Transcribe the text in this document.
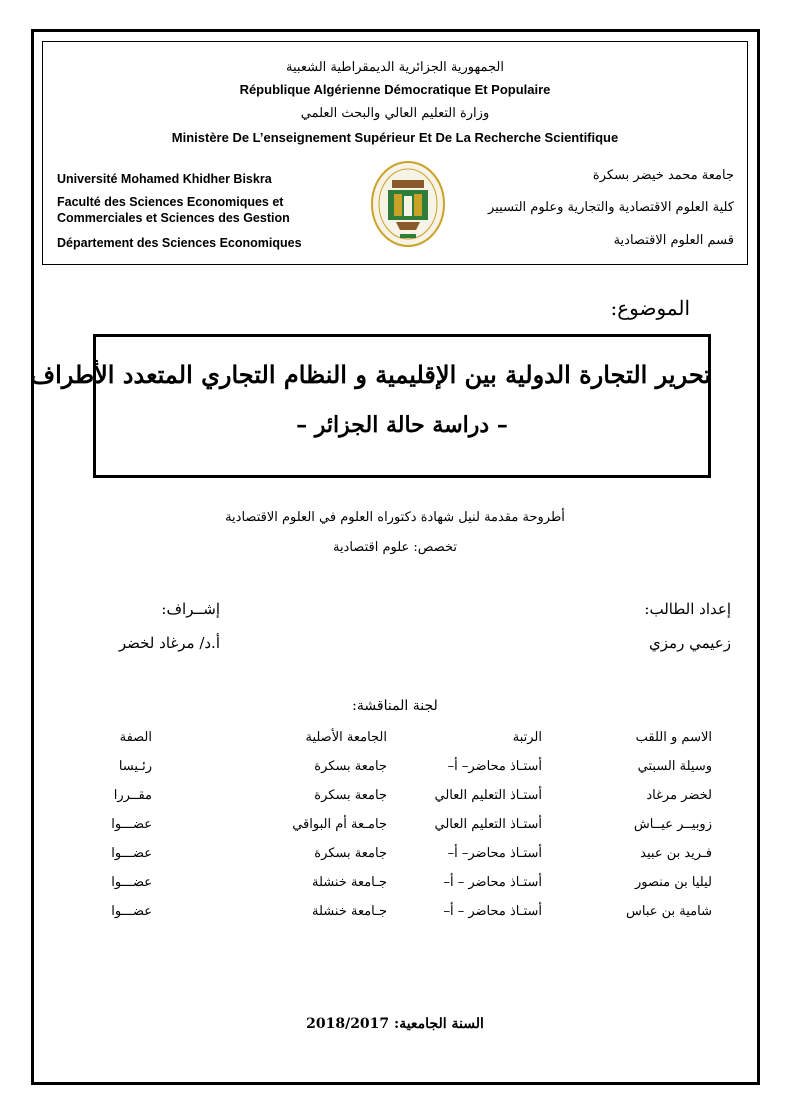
الجمهورية الجزائرية الديمقراطية الشعبية
République Algérienne Démocratique Et Populaire
وزارة التعليم العالي والبحث العلمي
Ministère De L’enseignement Supérieur Et De La Recherche Scientifique
Université Mohamed Khidher Biskra
Faculté des Sciences Economiques et
Commerciales et Sciences des Gestion
Département des Sciences Economiques
جامعة محمد خيضر بسكرة
كلية العلوم الاقتصادية والتجارية وعلوم التسيير
قسم العلوم الاقتصادية
الموضوع:
تحرير التجارة الدولية بين الإقليمية و النظام التجاري المتعدد الأطراف
– دراسة حالة الجزائر –
أطروحة مقدمة لنيل شهادة دكتوراه العلوم في العلوم الاقتصادية
تخصص: علوم اقتصادية
إعداد الطالب:
زعيمي رمزي
إشــراف:
أ.د/ مرغاد لخضر
لجنة المناقشة:
الاسم و اللقب
الرتبة
الجامعة الأصلية
الصفة
وسيلة السبتي
أستـاذ محاضر– أ–
جامعة بسكرة
رئـيسا
لخضر مرغاد
أستـاذ التعليم العالي
جامعة بسكرة
مقــررا
زوبيــر عيــاش
أستـاذ التعليم العالي
جامـعة أم البواقي
عضـــوا
فـريد بن عبيد
أستـاذ محاضر– أ–
جامعة بسكرة
عضـــوا
ليليا بن منصور
أستـاذ محاضر – أ–
جـامعة خنشلة
عضـــوا
شامية بن عباس
أستـاذ محاضر – أ–
جـامعة خنشلة
عضـــوا
السنة الجامعية: 2018/2017
